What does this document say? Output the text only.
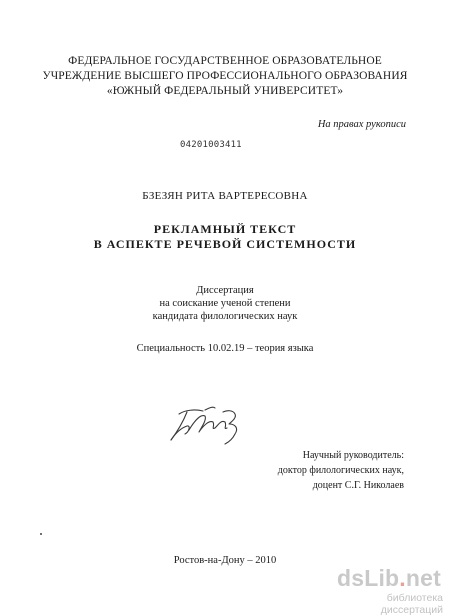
ФЕДЕРАЛЬНОЕ ГОСУДАРСТВЕННОЕ ОБРАЗОВАТЕЛЬНОЕ
УЧРЕЖДЕНИЕ ВЫСШЕГО ПРОФЕССИОНАЛЬНОГО ОБРАЗОВАНИЯ
«ЮЖНЫЙ ФЕДЕРАЛЬНЫЙ УНИВЕРСИТЕТ»
На правах рукописи
04201003411
БЗЕЗЯН РИТА ВАРТЕРЕСОВНА
РЕКЛАМНЫЙ ТЕКСТ
В АСПЕКТЕ РЕЧЕВОЙ СИСТЕМНОСТИ
Диссертация
на соискание ученой степени
кандидата филологических наук
Специальность 10.02.19 – теория языка
Научный руководитель:
доктор филологических наук,
доцент С.Г. Николаев
Ростов-на-Дону – 2010
dsLib.net
библиотека диссертаций
